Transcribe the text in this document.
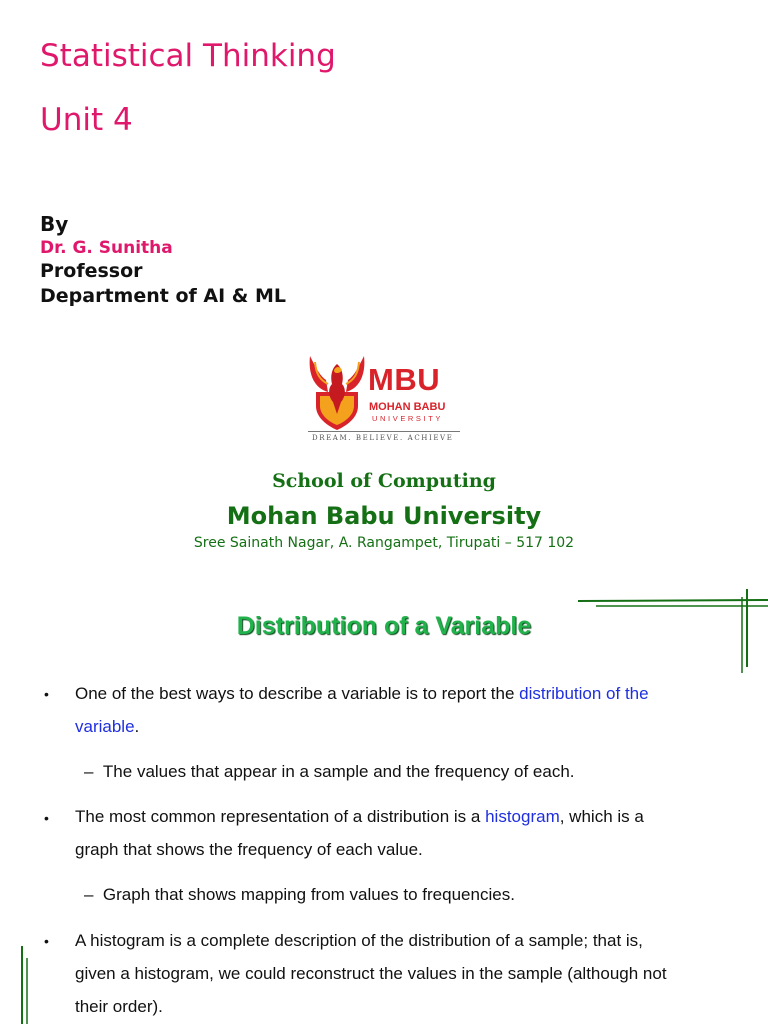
Statistical Thinking
Unit 4

By

Dr. G. Sunitha

Professor

Department of AI & ML

MBU
MOHAN BABU
UNIVERSITY
DREAM. BELIEVE. ACHIEVE

School of Computing

Mohan Babu University

Sree Sainath Nagar, A. Rangampet, Tirupati – 517 102

Distribution of a Variable
• One of the best ways to describe a variable is to report the distribution of the
variable.

– The values that appear in a sample and the frequency of each.

• The most common representation of a distribution is a histogram, which is a
graph that shows the frequency of each value.

– Graph that shows mapping from values to frequencies.

• A histogram is a complete description of the distribution of a sample; that is,
given a histogram, we could reconstruct the values in the sample (although not
their order).
